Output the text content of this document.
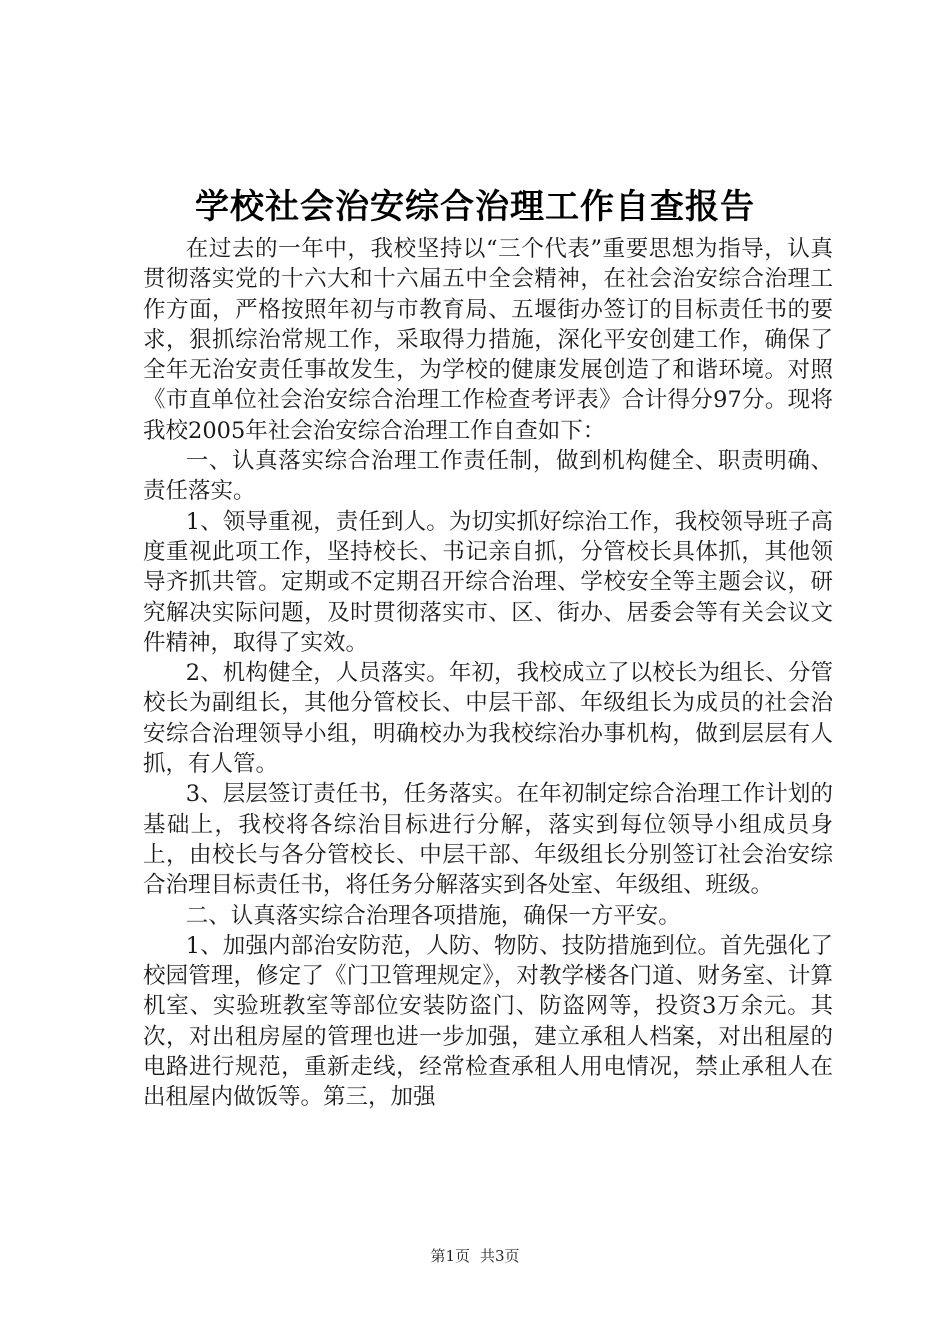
学校社会治安综合治理工作自查报告

在过去的一年中，我校坚持以“三个代表”重要思想为指导，认真贯彻落实党的十六大和十六届五中全会精神，在社会治安综合治理工作方面，严格按照年初与市教育局、五堰街办签订的目标责任书的要求，狠抓综治常规工作，采取得力措施，深化平安创建工作，确保了全年无治安责任事故发生，为学校的健康发展创造了和谐环境。对照《市直单位社会治安综合治理工作检查考评表》合计得分97分。现将我校2005年社会治安综合治理工作自查如下：

一、认真落实综合治理工作责任制，做到机构健全、职责明确、责任落实。

1、领导重视，责任到人。为切实抓好综治工作，我校领导班子高度重视此项工作，坚持校长、书记亲自抓，分管校长具体抓，其他领导齐抓共管。定期或不定期召开综合治理、学校安全等主题会议，研究解决实际问题，及时贯彻落实市、区、街办、居委会等有关会议文件精神，取得了实效。

2、机构健全，人员落实。年初，我校成立了以校长为组长、分管校长为副组长，其他分管校长、中层干部、年级组长为成员的社会治安综合治理领导小组，明确校办为我校综治办事机构，做到层层有人抓，有人管。

3、层层签订责任书，任务落实。在年初制定综合治理工作计划的基础上，我校将各综治目标进行分解，落实到每位领导小组成员身上，由校长与各分管校长、中层干部、年级组长分别签订社会治安综合治理目标责任书，将任务分解落实到各处室、年级组、班级。

二、认真落实综合治理各项措施，确保一方平安。

1、加强内部治安防范，人防、物防、技防措施到位。首先强化了校园管理，修定了《门卫管理规定》，对教学楼各门道、财务室、计算机室、实验班教室等部位安装防盗门、防盗网等，投资3万余元。其次，对出租房屋的管理也进一步加强，建立承租人档案，对出租屋的电路进行规范，重新走线，经常检查承租人用电情况，禁止承租人在出租屋内做饭等。第三，加强

第1页 共3页
